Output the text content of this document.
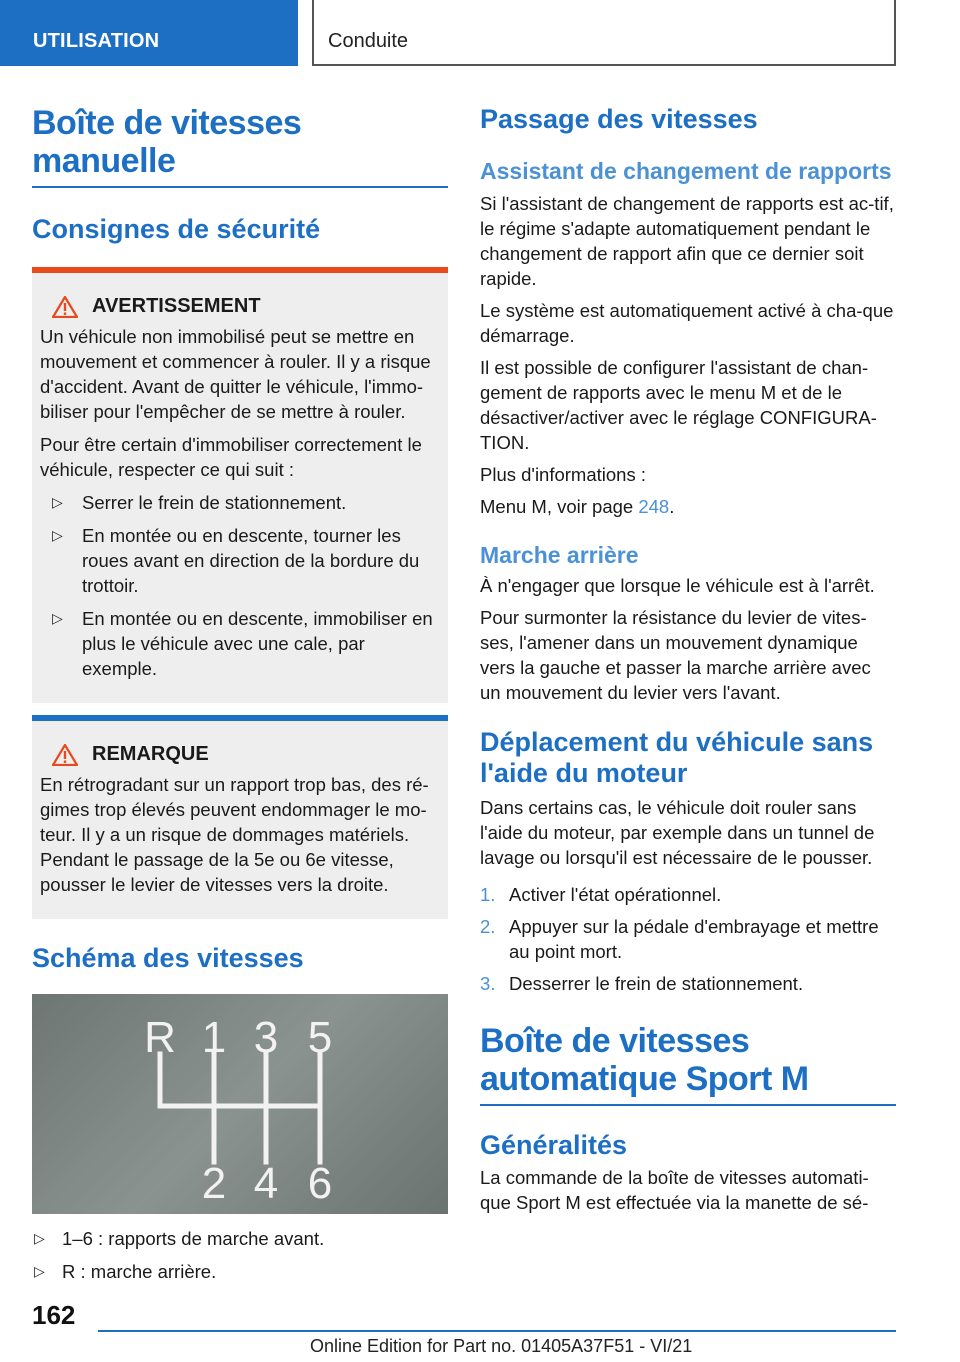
UTILISATION	Conduite
Boîte de vitesses manuelle
Consignes de sécurité
AVERTISSEMENT

Un véhicule non immobilisé peut se mettre en mouvement et commencer à rouler. Il y a risque d'accident. Avant de quitter le véhicule, l'immo-biliser pour l'empêcher de se mettre à rouler.

Pour être certain d'immobiliser correctement le véhicule, respecter ce qui suit :

▷ Serrer le frein de stationnement.
▷ En montée ou en descente, tourner les roues avant en direction de la bordure du trottoir.
▷ En montée ou en descente, immobiliser en plus le véhicule avec une cale, par exemple.
REMARQUE

En rétrogradant sur un rapport trop bas, des ré-gimes trop élevés peuvent endommager le mo-teur. Il y a un risque de dommages matériels. Pendant le passage de la 5e ou 6e vitesse, pousser le levier de vitesses vers la droite.

Schéma des vitesses
R 1 3 5
2 4 6
▷ 1–6 : rapports de marche avant.
▷ R : marche arrière.
Passage des vitesses
Assistant de changement de rapports

Si l'assistant de changement de rapports est ac-tif, le régime s'adapte automatiquement pendant le changement de rapport afin que ce dernier soit rapide.

Le système est automatiquement activé à cha-que démarrage.

Il est possible de configurer l'assistant de chan-gement de rapports avec le menu M et de le désactiver/activer avec le réglage CONFIGURA-TION.

Plus d'informations :

Menu M, voir page 248.

Marche arrière

À n'engager que lorsque le véhicule est à l'arrêt.

Pour surmonter la résistance du levier de vites-ses, l'amener dans un mouvement dynamique vers la gauche et passer la marche arrière avec un mouvement du levier vers l'avant.

Déplacement du véhicule sans l'aide du moteur

Dans certains cas, le véhicule doit rouler sans l'aide du moteur, par exemple dans un tunnel de lavage ou lorsqu'il est nécessaire de le pousser.

1. Activer l'état opérationnel.
2. Appuyer sur la pédale d'embrayage et mettre au point mort.
3. Desserrer le frein de stationnement.
Boîte de vitesses automatique Sport M
Généralités

La commande de la boîte de vitesses automati-que Sport M est effectuée via la manette de sé-

162
Online Edition for Part no. 01405A37F51 - VI/21
